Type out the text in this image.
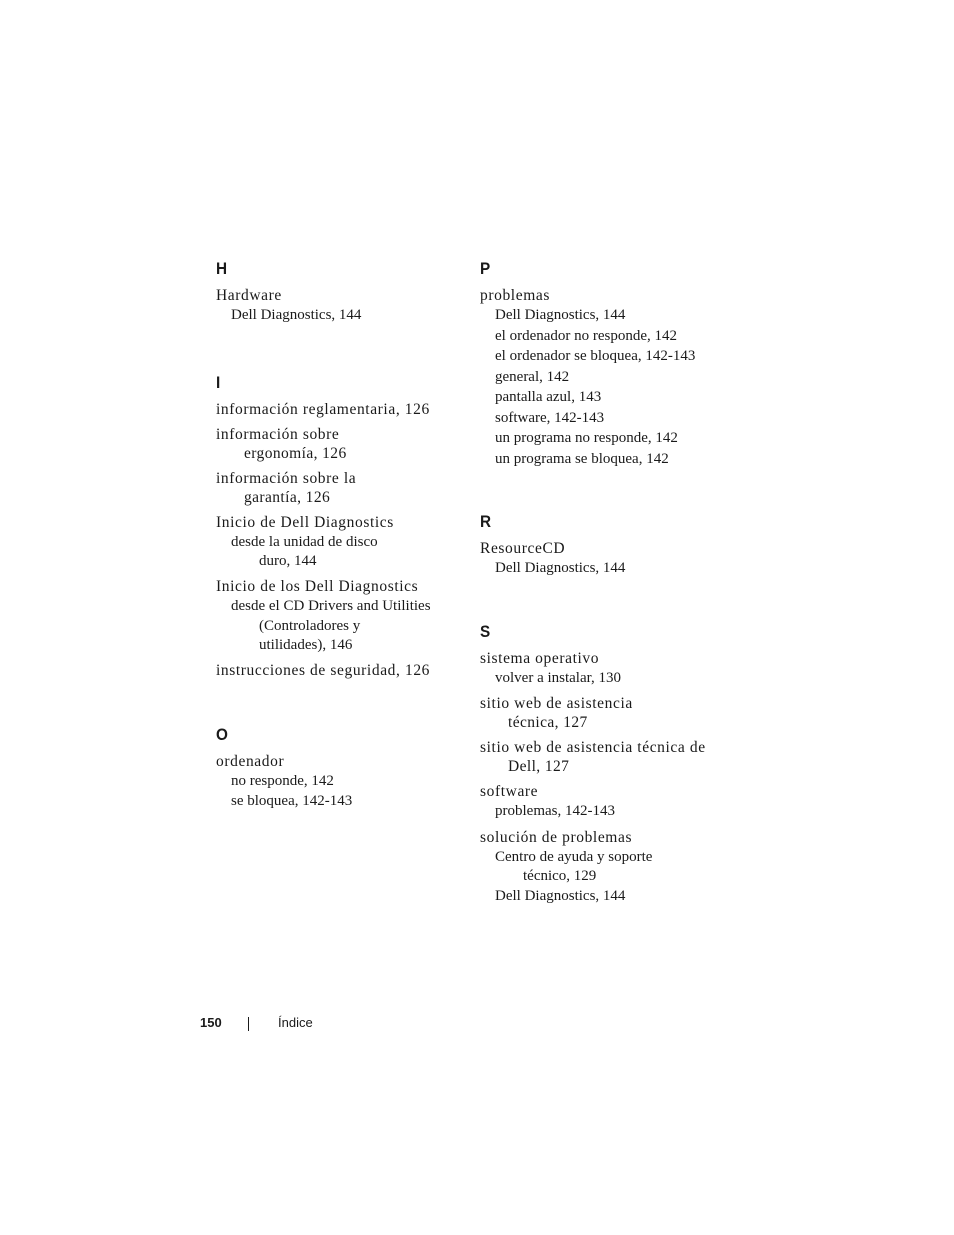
H
Hardware
Dell Diagnostics, 144
I
información reglamentaria, 126
información sobre
ergonomía, 126
información sobre la
garantía, 126
Inicio de Dell Diagnostics
desde la unidad de disco
duro, 144
Inicio de los Dell Diagnostics
desde el CD Drivers and Utilities
(Controladores y
utilidades), 146
instrucciones de seguridad, 126
O
ordenador
no responde, 142
se bloquea, 142-143
P
problemas
Dell Diagnostics, 144
el ordenador no responde, 142
el ordenador se bloquea, 142-143
general, 142
pantalla azul, 143
software, 142-143
un programa no responde, 142
un programa se bloquea, 142
R
ResourceCD
Dell Diagnostics, 144
S
sistema operativo
volver a instalar, 130
sitio web de asistencia
técnica, 127
sitio web de asistencia técnica de
Dell, 127
software
problemas, 142-143
solución de problemas
Centro de ayuda y soporte
técnico, 129
Dell Diagnostics, 144
150	Índice
